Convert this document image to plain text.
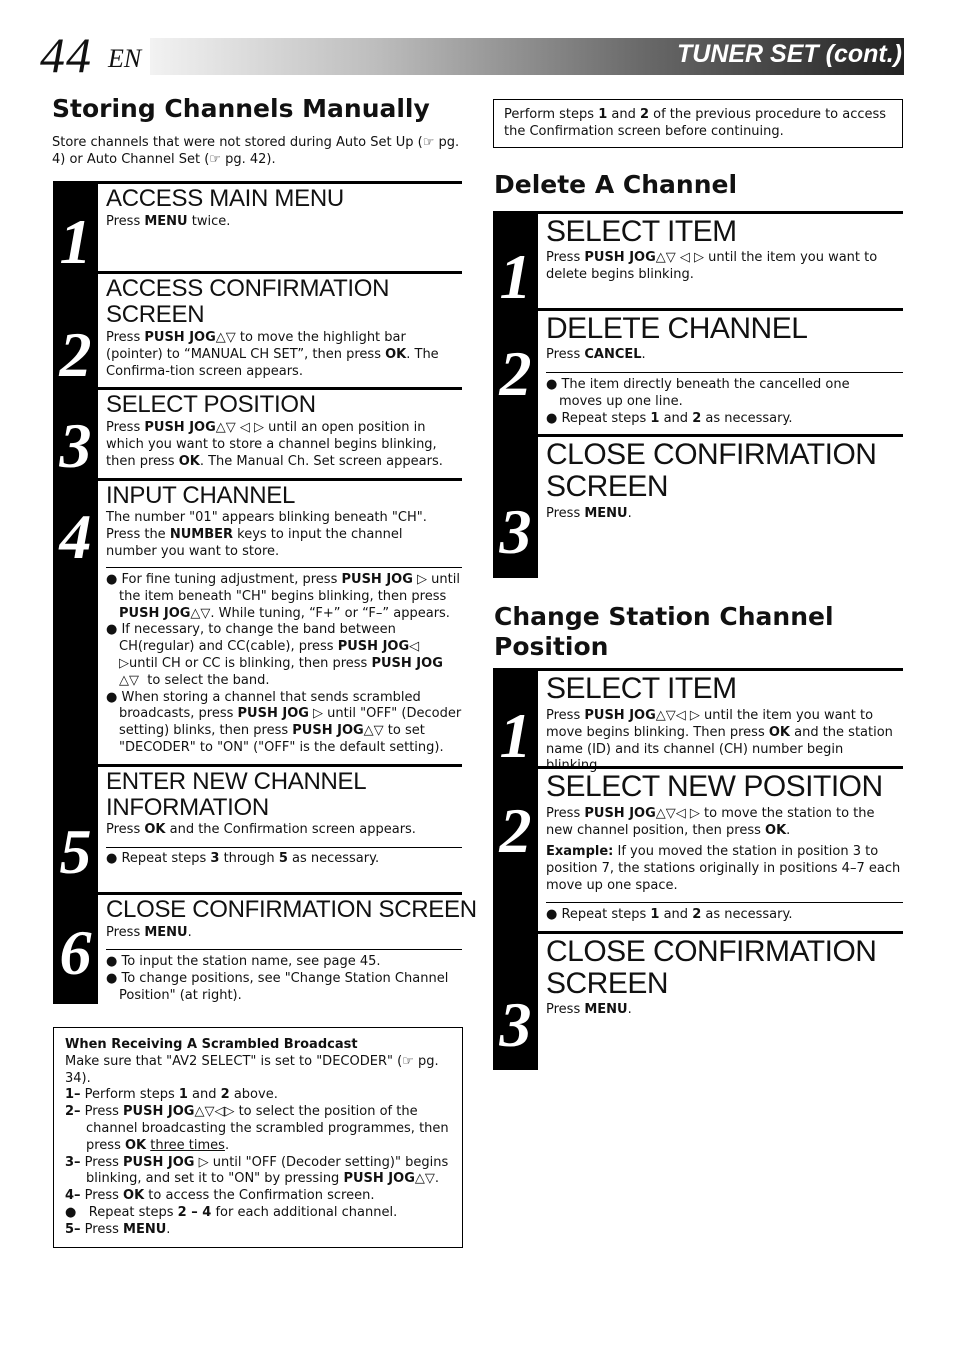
44 EN	TUNER SET (cont.)
Storing Channels Manually
Store channels that were not stored during Auto Set Up (☞ pg. 4) or Auto Channel Set (☞ pg. 42).
1
2
3
4
5
6
ACCESS MAIN MENU
Press MENU twice.
ACCESS CONFIRMATION SCREEN
Press PUSH JOG△▽ to move the highlight bar (pointer) to “MANUAL CH SET”, then press OK. The Confirma-tion screen appears.
SELECT POSITION
Press PUSH JOG△▽ ◁ ▷ until an open position in which you want to store a channel begins blinking, then press OK. The Manual Ch. Set screen appears.
INPUT CHANNEL
The number "01" appears blinking beneath "CH". Press the NUMBER keys to input the channel number you want to store.
● For fine tuning adjustment, press PUSH JOG ▷ until the item beneath "CH" begins blinking, then press PUSH JOG△▽. While tuning, “F+” or “F–” appears.
● If necessary, to change the band between CH(regular) and CC(cable), press PUSH JOG◁ ▷until CH or CC is blinking, then press PUSH JOG △▽  to select the band.
● When storing a channel that sends scrambled broadcasts, press PUSH JOG ▷ until "OFF" (Decoder setting) blinks, then press PUSH JOG△▽ to set "DECODER" to "ON" ("OFF" is the default setting).
ENTER NEW CHANNEL INFORMATION
Press OK and the Confirmation screen appears.
● Repeat steps 3 through 5 as necessary.
CLOSE CONFIRMATION SCREEN
Press MENU.
● To input the station name, see page 45.
● To change positions, see "Change Station Channel Position" (at right).
When Receiving A Scrambled Broadcast
Make sure that "AV2 SELECT" is set to "DECODER" (☞ pg. 34).
1– Perform steps 1 and 2 above.
2– Press PUSH JOG△▽◁▷ to select the position of the channel broadcasting the scrambled programmes, then press OK three times.
3– Press PUSH JOG ▷ until "OFF (Decoder setting)" begins blinking, and set it to "ON" by pressing PUSH JOG△▽.
4– Press OK to access the Confirmation screen.
●   Repeat steps 2 – 4 for each additional channel.
5– Press MENU.
Perform steps 1 and 2 of the previous procedure to access the Confirmation screen before continuing.
Delete A Channel
1
2
3
SELECT ITEM
Press PUSH JOG△▽ ◁ ▷ until the item you want to delete begins blinking.
DELETE CHANNEL
Press CANCEL.
● The item directly beneath the cancelled one moves up one line.
● Repeat steps 1 and 2 as necessary.
CLOSE CONFIRMATION SCREEN
Press MENU.
Change Station Channel Position
1
2
3
SELECT ITEM
Press PUSH JOG△▽◁ ▷ until the item you want to move begins blinking. Then press OK and the station name (ID) and its channel (CH) number begin
SELECT NEW POSITION
Press PUSH JOG△▽◁ ▷ to move the station to the new channel position, then press OK.
Example: If you moved the station in position 3 to position 7, the stations originally in positions 4–7 each move up one space.
● Repeat steps 1 and 2 as necessary.
CLOSE CONFIRMATION SCREEN
Press MENU.
